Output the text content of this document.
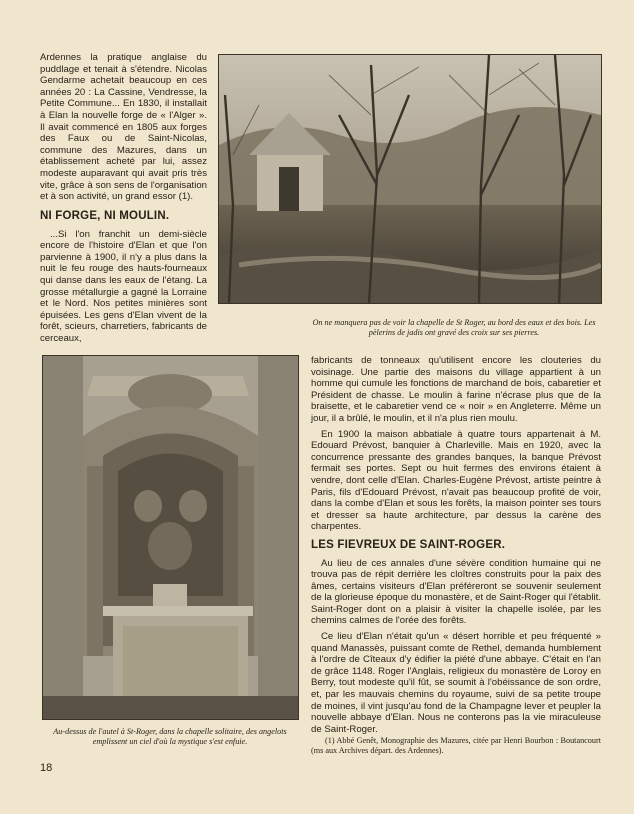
Ardennes la pratique anglaise du puddlage et tenait à s'étendre. Nicolas Gendarme achetait beaucoup en ces années 20 : La Cassine, Vendresse, la Petite Commune... En 1830, il installait à Elan la nouvelle forge de « l'Alger ». Il avait commencé en 1805 aux forges des Faux ou de Saint-Nicolas, commune des Mazures, dans un établissement acheté par lui, assez modeste auparavant qui avait pris très vite, grâce à son sens de l'organisation et à son activité, un grand essor (1).

NI FORGE, NI MOULIN.

...Si l'on franchit un demi-siècle encore de l'histoire d'Elan et que l'on parvienne à 1900, il n'y a plus dans la nuit le feu rouge des hauts-fourneaux qui danse dans les eaux de l'étang. La grosse métallurgie a gagné la Lorraine et le Nord. Nos petites minières sont épuisées. Les gens d'Elan vivent de la forêt, scieurs, charretiers, fabricants de cerceaux,

On ne manquera pas de voir la chapelle de St Roger, au bord des eaux et des bois. Les pèlerins de jadis ont gravé des croix sur ses pierres.
Au-dessus de l'autel à St-Roger, dans la chapelle solitaire, des angelots emplissent un ciel d'où la mystique s'est enfuie.

fabricants de tonneaux qu'utilisent encore les clouteries du voisinage. Une partie des maisons du village appartient à un homme qui cumule les fonctions de marchand de bois, cabaretier et Président de chasse. Le moulin à farine n'écrase plus que de la braisette, et le cabaretier vend ce « noir » en Angleterre. Même un jour, il a brûlé, le moulin, et il n'a plus rien moulu.

En 1900 la maison abbatiale à quatre tours appartenait à M. Edouard Prévost, banquier à Charleville. Mais en 1920, avec la concurrence pressante des grandes banques, la banque Prévost fermait ses portes. Sept ou huit fermes des environs étaient à vendre, dont celle d'Elan. Charles-Eugène Prévost, artiste peintre à Paris, fils d'Edouard Prévost, n'avait pas beaucoup profité de voir, dans la combe d'Elan et sous les forêts, la maison pointer ses tours et dresser sa haute architecture, par dessus la carène des charpentes.

LES FIEVREUX DE SAINT-ROGER.

Au lieu de ces annales d'une sévère condition humaine qui ne trouva pas de répit derrière les cloîtres construits pour la paix des âmes, certains visiteurs d'Elan préféreront se souvenir seulement de la glorieuse époque du monastère, et de Saint-Roger qui l'établit. Saint-Roger dont on a plaisir à visiter la chapelle isolée, par les chemins calmes de l'orée des forêts.

Ce lieu d'Elan n'était qu'un « désert horrible et peu fréquenté » quand Manassès, puissant comte de Rethel, demanda humblement à l'ordre de Cîteaux d'y édifier la piété d'une abbaye. C'était en l'an de grâce 1148. Roger l'Anglais, religieux du monastère de Loroy en Berry, tout modeste qu'il fût, se soumit à l'obéissance de son ordre, et, par les mauvais chemins du royaume, suivi de sa petite troupe de moines, il vint jusqu'au fond de la Champagne lever et peupler la nouvelle abbaye d'Elan. Nous ne conterons pas la vie miraculeuse de Saint-Roger.

(1) Abbé Genêt, Monographie des Mazures, citée par Henri Bourbon : Boutancourt (ms aux Archives départ. des Ardennes).

18
